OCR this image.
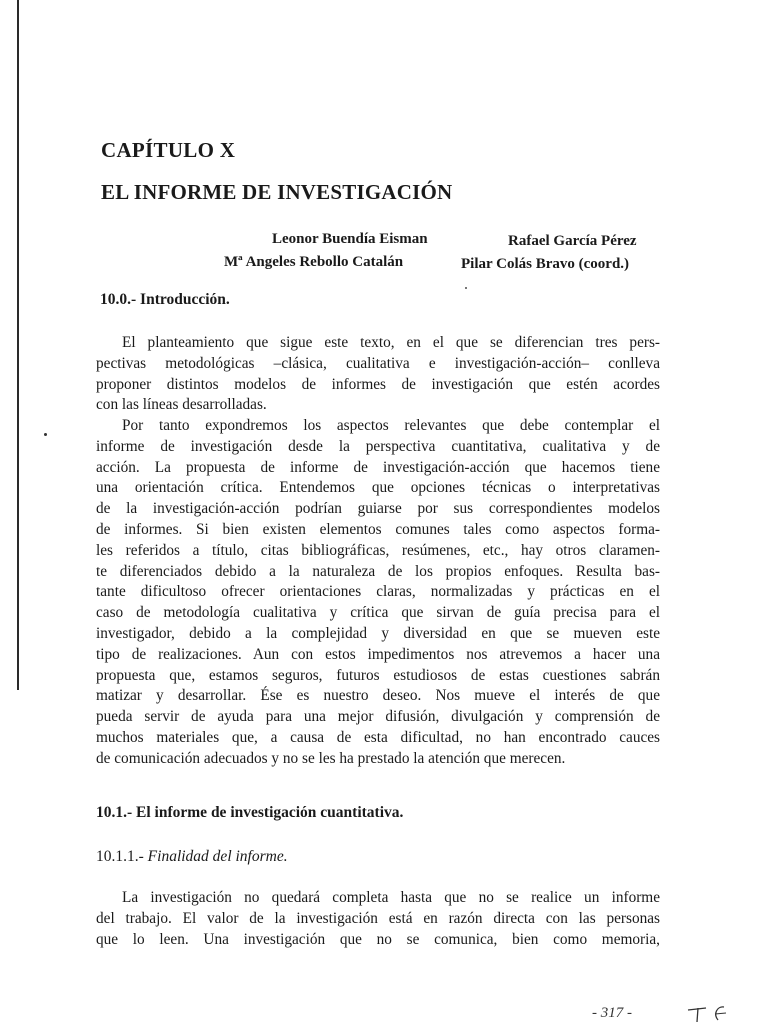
CAPÍTULO X
EL INFORME DE INVESTIGACIÓN
Leonor Buendía Eisman	Rafael García Pérez
Mª Angeles Rebollo Catalán	Pilar Colás Bravo (coord.)
10.0.- Introducción.
El planteamiento que sigue este texto, en el que se diferencian tres pers-
pectivas metodológicas –clásica, cualitativa e investigación-acción– conlleva
proponer distintos modelos de informes de investigación que estén acordes
con las líneas desarrolladas.
Por tanto expondremos los aspectos relevantes que debe contemplar el
informe de investigación desde la perspectiva cuantitativa, cualitativa y de
acción. La propuesta de informe de investigación-acción que hacemos tiene
una orientación crítica. Entendemos que opciones técnicas o interpretativas
de la investigación-acción podrían guiarse por sus correspondientes modelos
de informes. Si bien existen elementos comunes tales como aspectos forma-
les referidos a título, citas bibliográficas, resúmenes, etc., hay otros claramen-
te diferenciados debido a la naturaleza de los propios enfoques. Resulta bas-
tante dificultoso ofrecer orientaciones claras, normalizadas y prácticas en el
caso de metodología cualitativa y crítica que sirvan de guía precisa para el
investigador, debido a la complejidad y diversidad en que se mueven este
tipo de realizaciones. Aun con estos impedimentos nos atrevemos a hacer una
propuesta que, estamos seguros, futuros estudiosos de estas cuestiones sabrán
matizar y desarrollar. Ése es nuestro deseo. Nos mueve el interés de que
pueda servir de ayuda para una mejor difusión, divulgación y comprensión de
muchos materiales que, a causa de esta dificultad, no han encontrado cauces
de comunicación adecuados y no se les ha prestado la atención que merecen.
10.1.- El informe de investigación cuantitativa.
10.1.1.- Finalidad del informe.
La investigación no quedará completa hasta que no se realice un informe
del trabajo. El valor de la investigación está en razón directa con las personas
que lo leen. Una investigación que no se comunica, bien como memoria,
- 317 -
